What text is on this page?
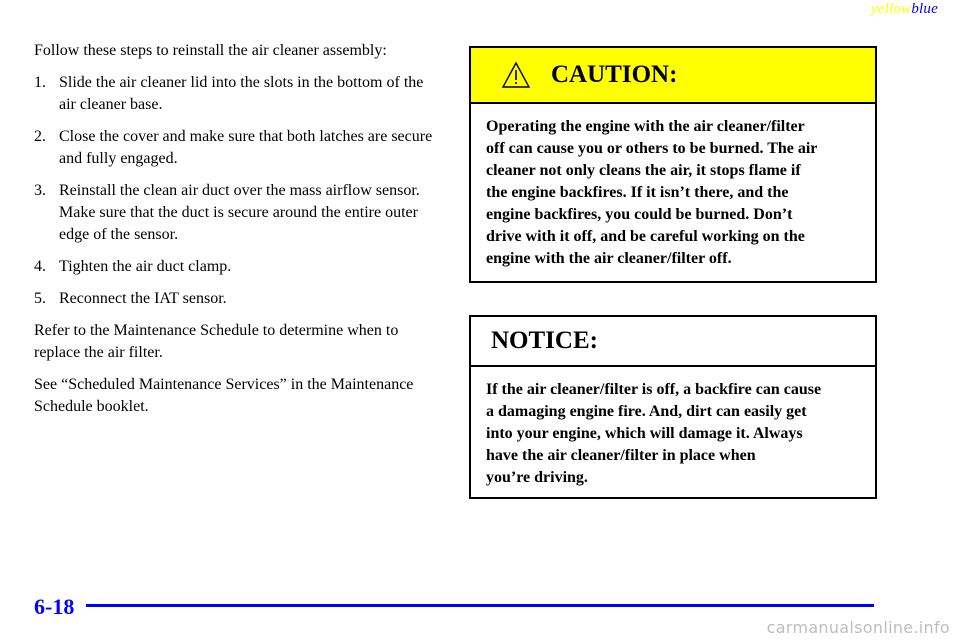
yellowblue

Follow these steps to reinstall the air cleaner assembly:

1. Slide the air cleaner lid into the slots in the bottom of the air cleaner base.
2. Close the cover and make sure that both latches are secure and fully engaged.
3. Reinstall the clean air duct over the mass airflow sensor. Make sure that the duct is secure around the entire outer edge of the sensor.
4. Tighten the air duct clamp.
5. Reconnect the IAT sensor.

Refer to the Maintenance Schedule to determine when to replace the air filter.

See “Scheduled Maintenance Services” in the Maintenance Schedule booklet.

CAUTION:
Operating the engine with the air cleaner/filter
off can cause you or others to be burned. The air
cleaner not only cleans the air, it stops flame if
the engine backfires. If it isn’t there, and the
engine backfires, you could be burned. Don’t
drive with it off, and be careful working on the
engine with the air cleaner/filter off.
NOTICE:
If the air cleaner/filter is off, a backfire can cause
a damaging engine fire. And, dirt can easily get
into your engine, which will damage it. Always
have the air cleaner/filter in place when
you’re driving.
6-18
carmanualsonline.info
